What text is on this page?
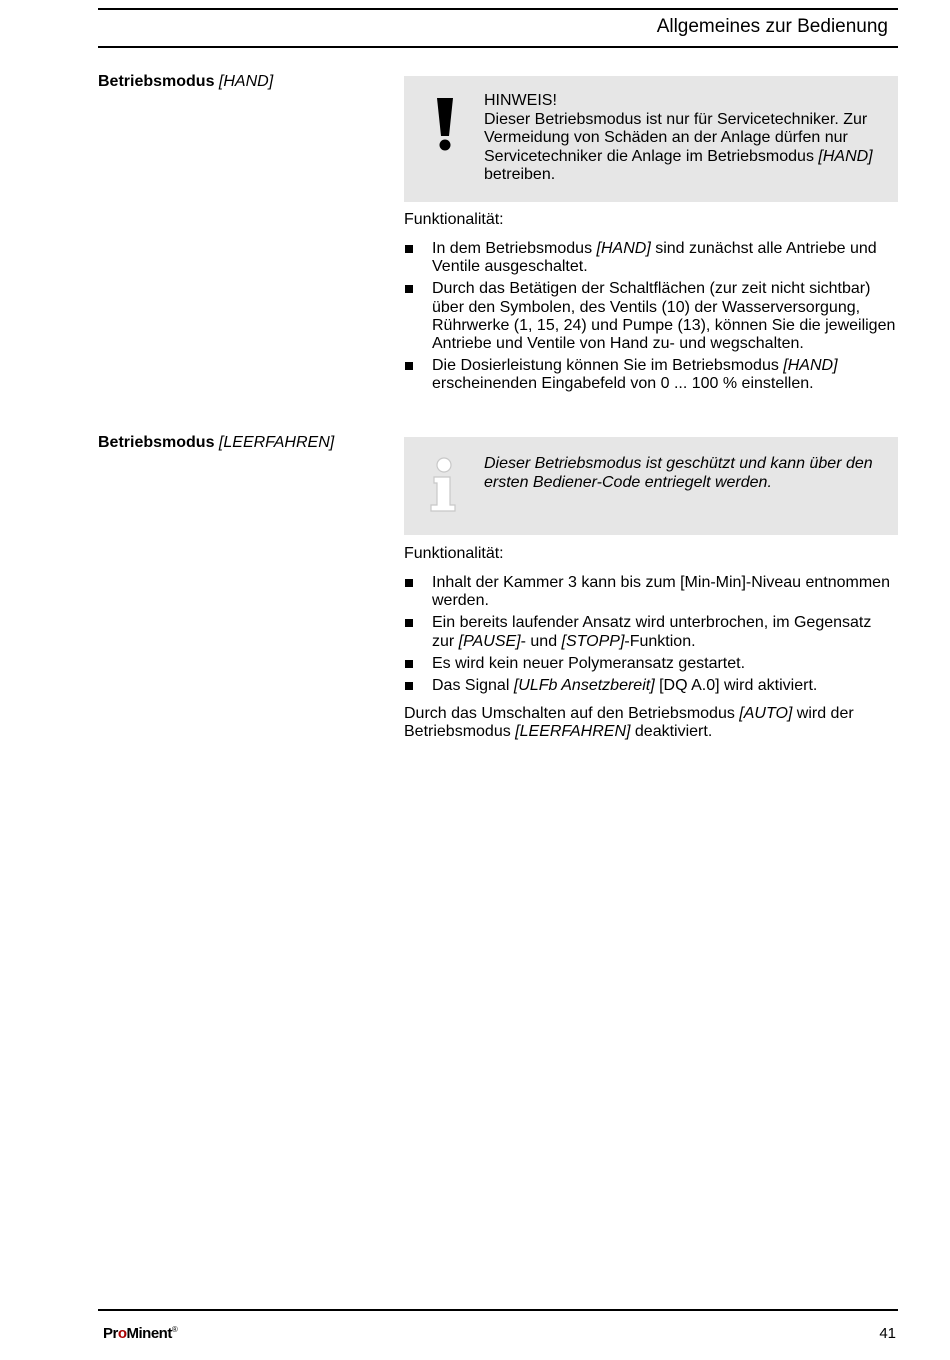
Allgemeines zur Bedienung

Betriebsmodus [HAND]

HINWEIS!

Dieser Betriebsmodus ist nur für Servicetechniker. Zur Vermeidung von Schäden an der Anlage dürfen nur Servicetechniker die Anlage im Betriebsmodus [HAND] betreiben.

Funktionalität:

In dem Betriebsmodus [HAND] sind zunächst alle Antriebe und Ventile ausgeschaltet.
Durch das Betätigen der Schaltflächen (zur zeit nicht sichtbar) über den Symbolen, des Ventils (10) der Wasserversorgung, Rührwerke (1, 15, 24) und Pumpe (13), können Sie die jeweiligen Antriebe und Ventile von Hand zu- und wegschalten.
Die Dosierleistung können Sie im Betriebsmodus [HAND] erscheinenden Eingabefeld von 0 ... 100 % einstellen.

Betriebsmodus [LEERFAHREN]

Dieser Betriebsmodus ist geschützt und kann über den ersten Bediener-Code entriegelt werden.

Funktionalität:

Inhalt der Kammer 3 kann bis zum [Min-Min]-Niveau entnommen werden.
Ein bereits laufender Ansatz wird unterbrochen, im Gegensatz zur [PAUSE]- und [STOPP]-Funktion.
Es wird kein neuer Polymeransatz gestartet.
Das Signal [ULFb Ansetzbereit] [DQ A.0] wird aktiviert.

Durch das Umschalten auf den Betriebsmodus [AUTO] wird der Betriebsmodus [LEERFAHREN] deaktiviert.

ProMinent®	41
